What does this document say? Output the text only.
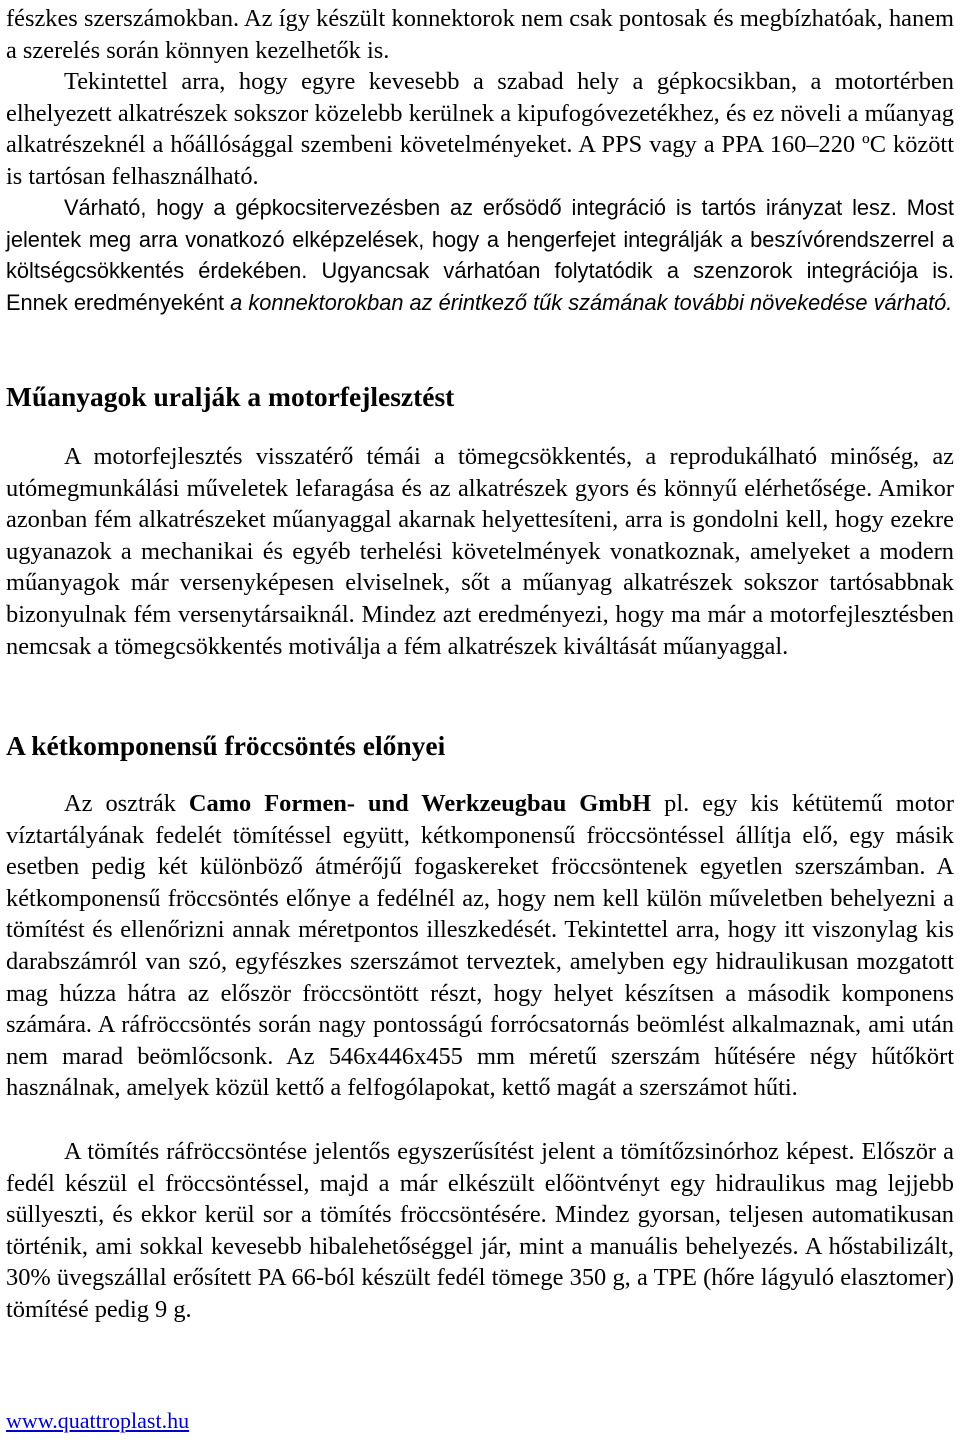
fészkes szerszámokban. Az így készült konnektorok nem csak pontosak és megbízhatóak, hanem a szerelés során könnyen kezelhetők is.

Tekintettel arra, hogy egyre kevesebb a szabad hely a gépkocsikban, a motortérben elhelyezett alkatrészek sokszor közelebb kerülnek a kipufogóvezetékhez, és ez növeli a műanyag alkatrészeknél a hőállósággal szembeni követelményeket. A PPS vagy a PPA 160–220 ºC között is tartósan felhasználható.

Várható, hogy a gépkocsitervezésben az erősödő integráció is tartós irányzat lesz. Most jelentek meg arra vonatkozó elképzelések, hogy a hengerfejet integrálják a beszívórendszerrel a költségcsökkentés érdekében. Ugyancsak várhatóan folytatódik a szenzorok integrációja is. Ennek eredményeként a konnektorokban az érintkező tűk számának további növekedése várható.

Műanyagok uralják a motorfejlesztést

A motorfejlesztés visszatérő témái a tömegcsökkentés, a reprodukálható minőség, az utómegmunkálási műveletek lefaragása és az alkatrészek gyors és könnyű elérhetősége. Amikor azonban fém alkatrészeket műanyaggal akarnak helyettesíteni, arra is gondolni kell, hogy ezekre ugyanazok a mechanikai és egyéb terhelési követelmények vonatkoznak, amelyeket a modern műanyagok már versenyképesen elviselnek, sőt a műanyag alkatrészek sokszor tartósabbnak bizonyulnak fém versenytársaiknál. Mindez azt eredményezi, hogy ma már a motorfejlesztésben nemcsak a tömegcsökkentés motiválja a fém alkatrészek kiváltását műanyaggal.

A kétkomponensű fröccsöntés előnyei

Az osztrák Camo Formen- und Werkzeugbau GmbH pl. egy kis kétütemű motor víztartályának fedelét tömítéssel együtt, kétkomponensű fröccsöntéssel állítja elő, egy másik esetben pedig két különböző átmérőjű fogaskereket fröccsöntenek egyetlen szerszámban. A kétkomponensű fröccsöntés előnye a fedélnél az, hogy nem kell külön műveletben behelyezni a tömítést és ellenőrizni annak méretpontos illeszkedését. Tekintettel arra, hogy itt viszonylag kis darabszámról van szó, egyfészkes szerszámot terveztek, amelyben egy hidraulikusan mozgatott mag húzza hátra az először fröccsöntött részt, hogy helyet készítsen a második komponens számára. A ráfröccsöntés során nagy pontosságú forrócsatornás beömlést alkalmaznak, ami után nem marad beömlőcsonk. Az 546x446x455 mm méretű szerszám hűtésére négy hűtőkört használnak, amelyek közül kettő a felfogólapokat, kettő magát a szerszámot hűti.

A tömítés ráfröccsöntése jelentős egyszerűsítést jelent a tömítőzsinórhoz képest. Először a fedél készül el fröccsöntéssel, majd a már elkészült előöntvényt egy hidraulikus mag lejjebb süllyeszti, és ekkor kerül sor a tömítés fröccsöntésére. Mindez gyorsan, teljesen automatikusan történik, ami sokkal kevesebb hibalehetőséggel jár, mint a manuális behelyezés. A hőstabilizált, 30% üvegszállal erősített PA 66-ból készült fedél tömege 350 g, a TPE (hőre lágyuló elasztomer) tömítésé pedig 9 g.

www.quattroplast.hu
